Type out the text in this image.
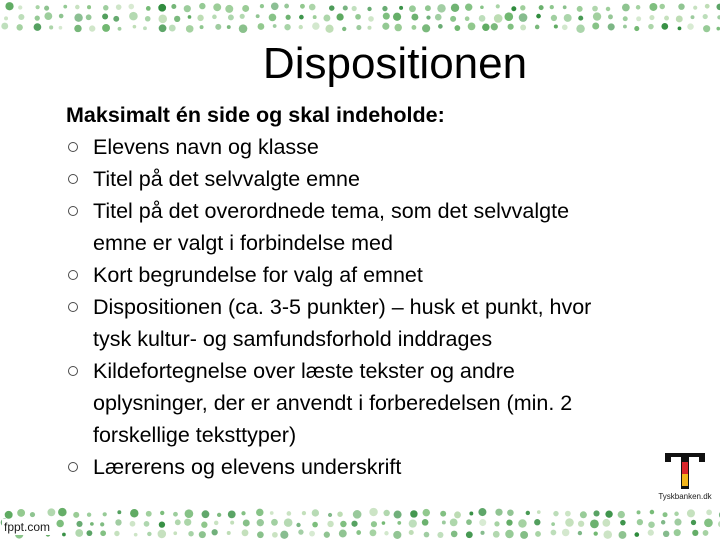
Dispositionen

Maksimalt én side og skal indeholde:

Elevens navn og klasse
Titel på det selvvalgte emne
Titel på det overordnede tema, som det selvvalgte
emne er valgt i forbindelse med
Kort begrundelse for valg af emnet
Dispositionen (ca. 3-5 punkter) – husk et punkt, hvor
tysk kultur- og samfundsforhold inddrages
Kildefortegnelse over læste tekster og andre
oplysninger, der er anvendt i forberedelsen (min. 2
forskellige teksttyper)
Lærerens og elevens underskrift
Tyskbanken.dk
fppt.com
